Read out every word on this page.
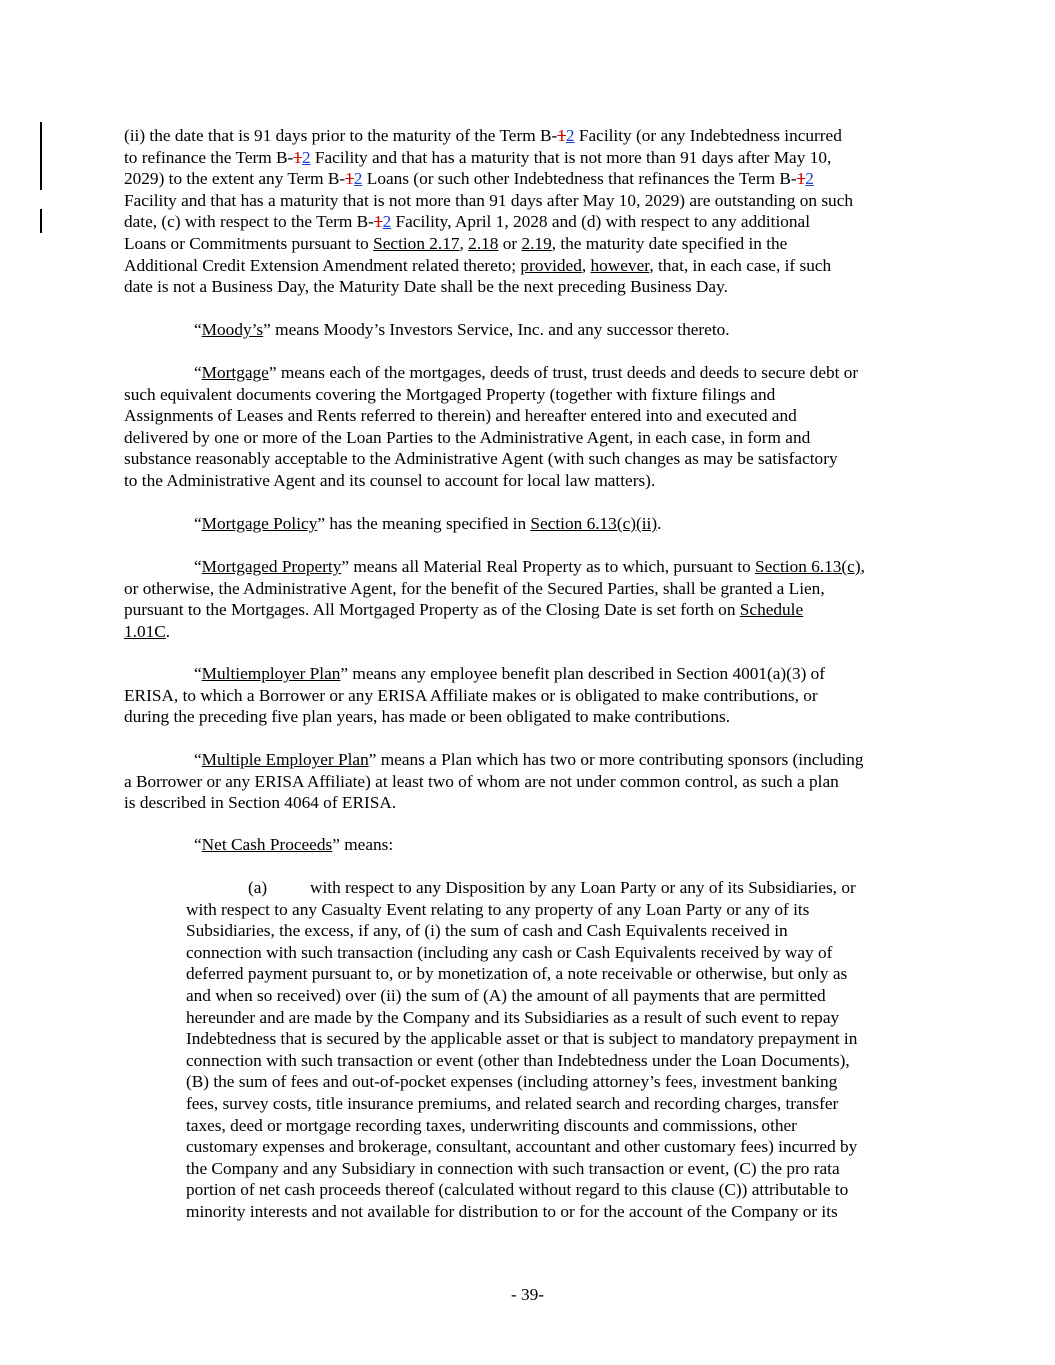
(ii) the date that is 91 days prior to the maturity of the Term B-12 Facility (or any Indebtedness incurred
to refinance the Term B-12 Facility and that has a maturity that is not more than 91 days after May 10,
2029) to the extent any Term B-12 Loans (or such other Indebtedness that refinances the Term B-12
Facility and that has a maturity that is not more than 91 days after May 10, 2029) are outstanding on such
date, (c) with respect to the Term B-12 Facility, April 1, 2028 and (d) with respect to any additional
Loans or Commitments pursuant to Section 2.17, 2.18 or 2.19, the maturity date specified in the
Additional Credit Extension Amendment related thereto; provided, however, that, in each case, if such
date is not a Business Day, the Maturity Date shall be the next preceding Business Day.
“Moody’s” means Moody’s Investors Service, Inc. and any successor thereto.
“Mortgage” means each of the mortgages, deeds of trust, trust deeds and deeds to secure debt or
such equivalent documents covering the Mortgaged Property (together with fixture filings and
Assignments of Leases and Rents referred to therein) and hereafter entered into and executed and
delivered by one or more of the Loan Parties to the Administrative Agent, in each case, in form and
substance reasonably acceptable to the Administrative Agent (with such changes as may be satisfactory
to the Administrative Agent and its counsel to account for local law matters).
“Mortgage Policy” has the meaning specified in Section 6.13(c)(ii).
“Mortgaged Property” means all Material Real Property as to which, pursuant to Section 6.13(c),
or otherwise, the Administrative Agent, for the benefit of the Secured Parties, shall be granted a Lien,
pursuant to the Mortgages. All Mortgaged Property as of the Closing Date is set forth on Schedule
1.01C.
“Multiemployer Plan” means any employee benefit plan described in Section 4001(a)(3) of
ERISA, to which a Borrower or any ERISA Affiliate makes or is obligated to make contributions, or
during the preceding five plan years, has made or been obligated to make contributions.
“Multiple Employer Plan” means a Plan which has two or more contributing sponsors (including
a Borrower or any ERISA Affiliate) at least two of whom are not under common control, as such a plan
is described in Section 4064 of ERISA.
“Net Cash Proceeds” means:
(a) with respect to any Disposition by any Loan Party or any of its Subsidiaries, or
with respect to any Casualty Event relating to any property of any Loan Party or any of its
Subsidiaries, the excess, if any, of (i) the sum of cash and Cash Equivalents received in
connection with such transaction (including any cash or Cash Equivalents received by way of
deferred payment pursuant to, or by monetization of, a note receivable or otherwise, but only as
and when so received) over (ii) the sum of (A) the amount of all payments that are permitted
hereunder and are made by the Company and its Subsidiaries as a result of such event to repay
Indebtedness that is secured by the applicable asset or that is subject to mandatory prepayment in
connection with such transaction or event (other than Indebtedness under the Loan Documents),
(B) the sum of fees and out-of-pocket expenses (including attorney’s fees, investment banking
fees, survey costs, title insurance premiums, and related search and recording charges, transfer
taxes, deed or mortgage recording taxes, underwriting discounts and commissions, other
customary expenses and brokerage, consultant, accountant and other customary fees) incurred by
the Company and any Subsidiary in connection with such transaction or event, (C) the pro rata
portion of net cash proceeds thereof (calculated without regard to this clause (C)) attributable to
minority interests and not available for distribution to or for the account of the Company or its
- 39-
